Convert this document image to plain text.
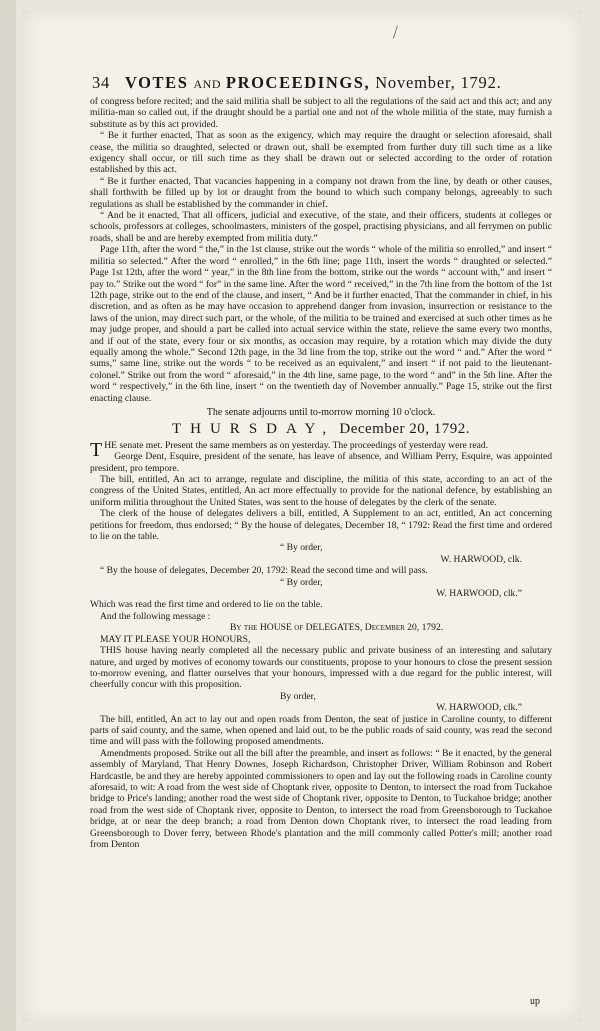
⧸
34 VOTES AND PROCEEDINGS, November, 1792.

of congress before recited; and the said militia shall be subject to all the regulations of the said act and this act; and any militia-man so called out, if the draught should be a partial one and not of the whole militia of the state, may furnish a substitute as by this act provided.

“ Be it further enacted, That as soon as the exigency, which may require the draught or selection aforesaid, shall cease, the militia so draughted, selected or drawn out, shall be exempted from further duty till such time as a like exigency shall occur, or till such time as they shall be drawn out or selected according to the order of rotation established by this act.

“ Be it further enacted, That vacancies happening in a company not drawn from the line, by death or other causes, shall forthwith be filled up by lot or draught from the bound to which such company belongs, agreeably to such regulations as shall be established by the commander in chief.

“ And be it enacted, That all officers, judicial and executive, of the state, and their officers, students at colleges or schools, professors at colleges, schoolmasters, ministers of the gospel, practising physicians, and all ferrymen on public roads, shall be and are hereby exempted from militia duty.”

Page 11th, after the word “ the,” in the 1st clause, strike out the words “ whole of the militia so enrolled,” and insert “ militia so selected.” After the word “ enrolled,” in the 6th line; page 11th, insert the words “ draughted or selected.” Page 1st 12th, after the word “ year,” in the 8th line from the bottom, strike out the words “ account with,” and insert “ pay to.” Strike out the word “ for” in the same line. After the word “ received,” in the 7th line from the bottom of the 1st 12th page, strike out to the end of the clause, and insert, “ And be it further enacted, That the commander in chief, in his discretion, and as often as he may have occasion to apprehend danger from invasion, insurrection or resistance to the laws of the union, may direct such part, or the whole, of the militia to be trained and exercised at such other times as he may judge proper, and should a part be called into actual service within the state, relieve the same every two months, and if out of the state, every four or six months, as occasion may require, by a rotation which may divide the duty equally among the whole.” Second 12th page, in the 3d line from the top, strike out the word “ and.” After the word “ sums,” same line, strike out the words “ to be received as an equivalent,” and insert “ if not paid to the lieutenant-colonel.” Strike out from the word “ aforesaid,” in the 4th line, same page, to the word “ and” in the 5th line. After the word “ respectively,” in the 6th line, insert “ on the twentieth day of November annually.” Page 15, strike out the first enacting clause.

The senate adjourns until to-morrow morning 10 o'clock.

THURSDAY, December 20, 1792.

THE senate met. Present the same members as on yesterday. The proceedings of yesterday were read.

George Dent, Esquire, president of the senate, has leave of absence, and William Perry, Esquire, was appointed president, pro tempore.

The bill, entitled, An act to arrange, regulate and discipline, the militia of this state, according to an act of the congress of the United States, entitled, An act more effectually to provide for the national defence, by establishing an uniform militia throughout the United States, was sent to the house of delegates by the clerk of the senate.

The clerk of the house of delegates delivers a bill, entitled, A Supplement to an act, entitled, An act concerning petitions for freedom, thus endorsed; “ By the house of delegates, December 18, “ 1792: Read the first time and ordered to lie on the table.

“ By order,

W. HARWOOD, clk.

“ By the house of delegates, December 20, 1792: Read the second time and will pass.

“ By order,

W. HARWOOD, clk.”

Which was read the first time and ordered to lie on the table.

And the following message :

By the HOUSE of DELEGATES, December 20, 1792.

MAY IT PLEASE YOUR HONOURS,

THIS house having nearly completed all the necessary public and private business of an interesting and salutary nature, and urged by motives of economy towards our constituents, propose to your honours to close the present session to-morrow evening, and flatter ourselves that your honours, impressed with a due regard for the public interest, will cheerfully concur with this proposition.

By order,

W. HARWOOD, clk.”

The bill, entitled, An act to lay out and open roads from Denton, the seat of justice in Caroline county, to different parts of said county, and the same, when opened and laid out, to be the public roads of said county, was read the second time and will pass with the following proposed amendments.

Amendments proposed. Strike out all the bill after the preamble, and insert as follows: “ Be it enacted, by the general assembly of Maryland, That Henry Downes, Joseph Richardson, Christopher Driver, William Robinson and Robert Hardcastle, be and they are hereby appointed commissioners to open and lay out the following roads in Caroline county aforesaid, to wit: A road from the west side of Choptank river, opposite to Denton, to intersect the road from Tuckahoe bridge to Price's landing; another road the west side of Choptank river, opposite to Denton, to Tuckahoe bridge; another road from the west side of Choptank river, opposite to Denton, to intersect the road from Greensborough to Tuckahoe bridge, at or near the deep branch; a road from Denton down Choptank river, to intersect the road leading from Greensborough to Dover ferry, between Rhode's plantation and the mill commonly called Potter's mill; another road from Denton

up
